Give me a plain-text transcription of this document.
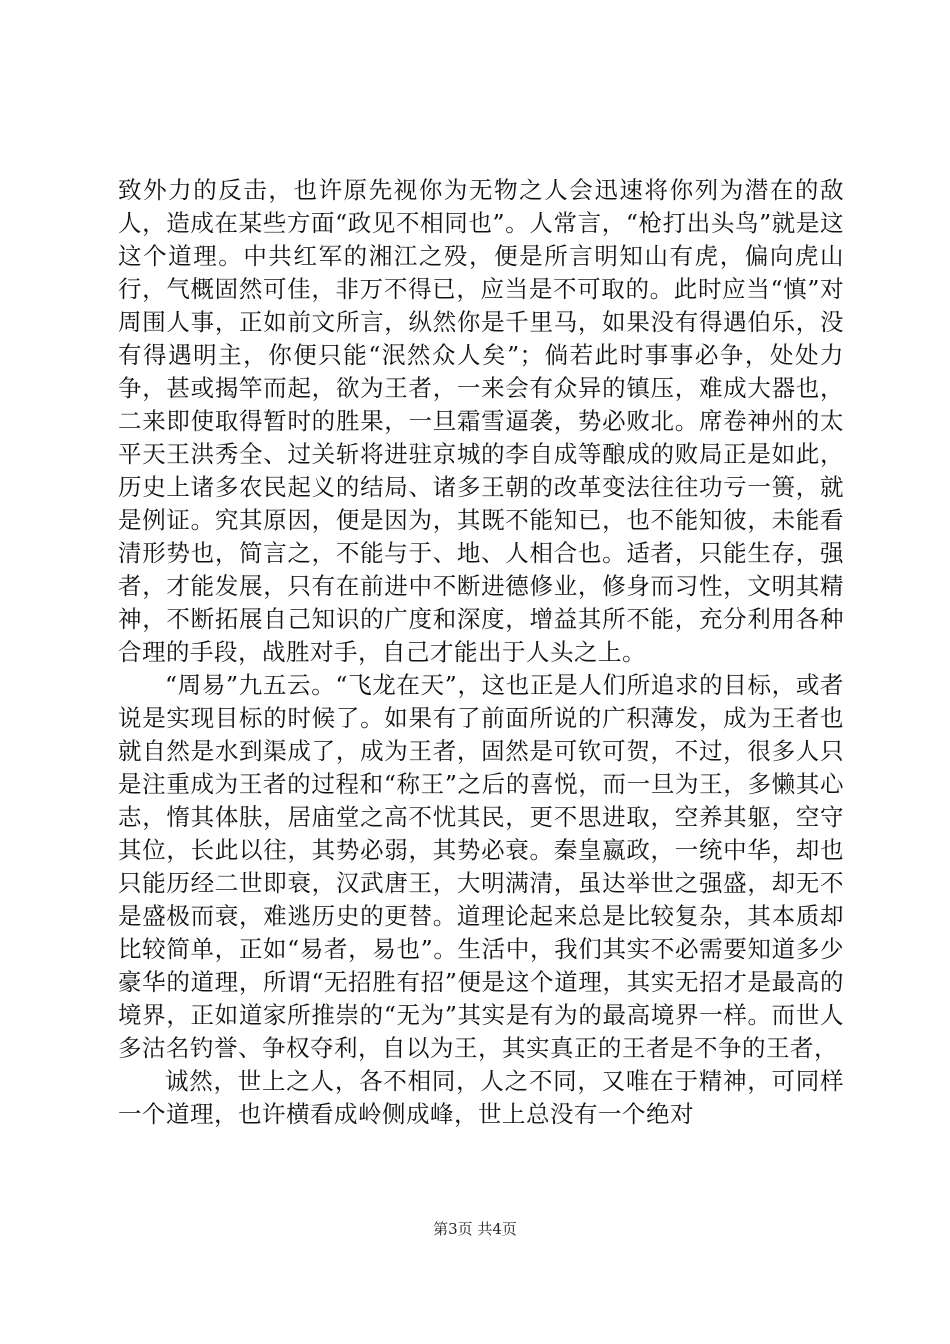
致外力的反击，也许原先视你为无物之人会迅速将你列为潜在的敌人，造成在某些方面“政见不相同也”。人常言，“枪打出头鸟”就是这这个道理。中共红军的湘江之殁，便是所言明知山有虎，偏向虎山行，气概固然可佳，非万不得已，应当是不可取的。此时应当“慎”对周围人事，正如前文所言，纵然你是千里马，如果没有得遇伯乐，没有得遇明主，你便只能“泯然众人矣”；倘若此时事事必争，处处力争，甚或揭竿而起，欲为王者，一来会有众异的镇压，难成大器也，二来即使取得暂时的胜果，一旦霜雪逼袭，势必败北。席卷神州的太平天王洪秀全、过关斩将进驻京城的李自成等酿成的败局正是如此，历史上诸多农民起义的结局、诸多王朝的改革变法往往功亏一篑，就是例证。究其原因，便是因为，其既不能知已，也不能知彼，未能看清形势也，简言之，不能与于、地、人相合也。适者，只能生存，强者，才能发展，只有在前进中不断进德修业，修身而习性，文明其精神，不断拓展自己知识的广度和深度，增益其所不能，充分利用各种合理的手段，战胜对手，自己才能出于人头之上。

“周易”九五云。“飞龙在天”，这也正是人们所追求的目标，或者说是实现目标的时候了。如果有了前面所说的广积薄发，成为王者也就自然是水到渠成了，成为王者，固然是可钦可贺，不过，很多人只是注重成为王者的过程和“称王”之后的喜悦，而一旦为王，多懒其心志，惰其体肤，居庙堂之高不忧其民，更不思进取，空养其躯，空守其位，长此以往，其势必弱，其势必衰。秦皇嬴政，一统中华，却也只能历经二世即衰，汉武唐王，大明满清，虽达举世之强盛，却无不是盛极而衰，难逃历史的更替。道理论起来总是比较复杂，其本质却比较简单，正如“易者，易也”。生活中，我们其实不必需要知道多少豪华的道理，所谓“无招胜有招”便是这个道理，其实无招才是最高的境界，正如道家所推崇的“无为”其实是有为的最高境界一样。而世人多沽名钓誉、争权夺利，自以为王，其实真正的王者是不争的王者，

诚然，世上之人，各不相同，人之不同，又唯在于精神，可同样一个道理，也许横看成岭侧成峰，世上总没有一个绝对

第3页 共4页
